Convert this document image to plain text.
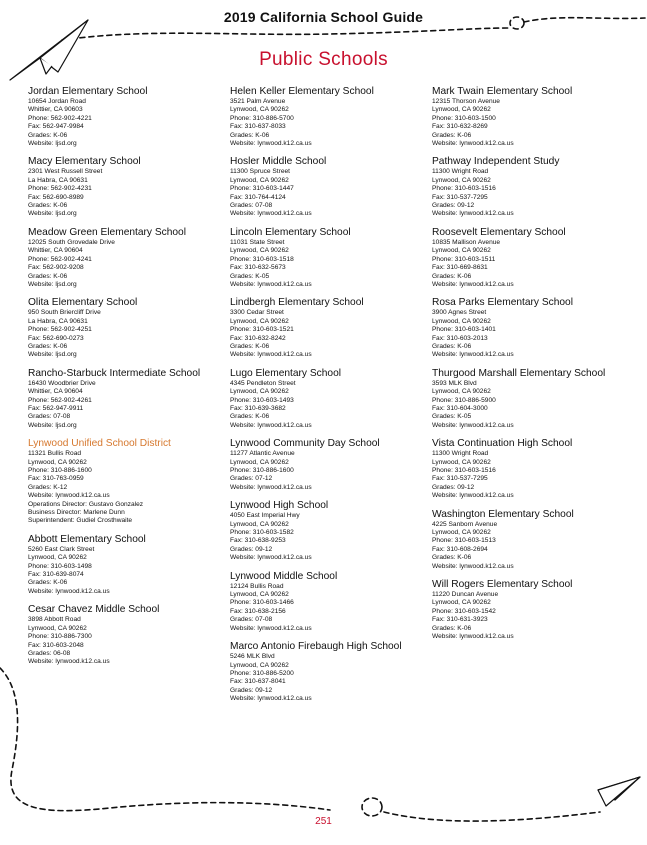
2019 California School Guide
Public Schools
Jordan Elementary School
10654 Jordan Road
Whittier, CA 90603
Phone: 562-902-4221
Fax: 562-947-9984
Grades: K-06
Website: ljsd.org
Macy Elementary School
2301 West Russell Street
La Habra, CA 90631
Phone: 562-902-4231
Fax: 562-690-8989
Grades: K-06
Website: ljsd.org
Meadow Green Elementary School
12025 South Grovedale Drive
Whittier, CA 90604
Phone: 562-902-4241
Fax: 562-902-9208
Grades: K-06
Website: ljsd.org
Olita Elementary School
950 South Briercliff Drive
La Habra, CA 90631
Phone: 562-902-4251
Fax: 562-690-0273
Grades: K-06
Website: ljsd.org
Rancho-Starbuck Intermediate School
16430 Woodbrier Drive
Whittier, CA 90604
Phone: 562-902-4261
Fax: 562-947-9911
Grades: 07-08
Website: ljsd.org
Lynwood Unified School District
11321 Bullis Road
Lynwood, CA 90262
Phone: 310-886-1600
Fax: 310-763-0959
Grades: K-12
Website: lynwood.k12.ca.us
Operations Director: Gustavo Gonzalez
Business Director: Marlene Dunn
Superintendent: Gudiel Crosthwaite
Abbott Elementary School
5260 East Clark Street
Lynwood, CA 90262
Phone: 310-603-1498
Fax: 310-639-8074
Grades: K-06
Website: lynwood.k12.ca.us
Cesar Chavez Middle School
3898 Abbott Road
Lynwood, CA 90262
Phone: 310-886-7300
Fax: 310-603-2048
Grades: 06-08
Website: lynwood.k12.ca.us
Helen Keller Elementary School
3521 Palm Avenue
Lynwood, CA 90262
Phone: 310-886-5700
Fax: 310-637-8033
Grades: K-06
Website: lynwood.k12.ca.us
Hosler Middle School
11300 Spruce Street
Lynwood, CA 90262
Phone: 310-603-1447
Fax: 310-764-4124
Grades: 07-08
Website: lynwood.k12.ca.us
Lincoln Elementary School
11031 State Street
Lynwood, CA 90262
Phone: 310-603-1518
Fax: 310-632-5673
Grades: K-05
Website: lynwood.k12.ca.us
Lindbergh Elementary School
3300 Cedar Street
Lynwood, CA 90262
Phone: 310-603-1521
Fax: 310-632-8242
Grades: K-06
Website: lynwood.k12.ca.us
Lugo Elementary School
4345 Pendleton Street
Lynwood, CA 90262
Phone: 310-603-1493
Fax: 310-639-3682
Grades: K-06
Website: lynwood.k12.ca.us
Lynwood Community Day School
11277 Atlantic Avenue
Lynwood, CA 90262
Phone: 310-886-1600
Grades: 07-12
Website: lynwood.k12.ca.us
Lynwood High School
4050 East Imperial Hwy
Lynwood, CA 90262
Phone: 310-603-1582
Fax: 310-638-9253
Grades: 09-12
Website: lynwood.k12.ca.us
Lynwood Middle School
12124 Bullis Road
Lynwood, CA 90262
Phone: 310-603-1466
Fax: 310-638-2156
Grades: 07-08
Website: lynwood.k12.ca.us
Marco Antonio Firebaugh High School
5246 MLK Blvd
Lynwood, CA 90262
Phone: 310-886-5200
Fax: 310-637-8041
Grades: 09-12
Website: lynwood.k12.ca.us
Mark Twain Elementary School
12315 Thorson Avenue
Lynwood, CA 90262
Phone: 310-603-1500
Fax: 310-632-8269
Grades: K-06
Website: lynwood.k12.ca.us
Pathway Independent Study
11300 Wright Road
Lynwood, CA 90262
Phone: 310-603-1516
Fax: 310-537-7295
Grades: 09-12
Website: lynwood.k12.ca.us
Roosevelt Elementary School
10835 Mallison Avenue
Lynwood, CA 90262
Phone: 310-603-1511
Fax: 310-669-8631
Grades: K-06
Website: lynwood.k12.ca.us
Rosa Parks Elementary School
3900 Agnes Street
Lynwood, CA 90262
Phone: 310-603-1401
Fax: 310-603-2013
Grades: K-06
Website: lynwood.k12.ca.us
Thurgood Marshall Elementary School
3593 MLK Blvd
Lynwood, CA 90262
Phone: 310-886-5900
Fax: 310-604-3000
Grades: K-05
Website: lynwood.k12.ca.us
Vista Continuation High School
11300 Wright Road
Lynwood, CA 90262
Phone: 310-603-1516
Fax: 310-537-7295
Grades: 09-12
Website: lynwood.k12.ca.us
Washington Elementary School
4225 Sanborn Avenue
Lynwood, CA 90262
Phone: 310-603-1513
Fax: 310-608-2694
Grades: K-06
Website: lynwood.k12.ca.us
Will Rogers Elementary School
11220 Duncan Avenue
Lynwood, CA 90262
Phone: 310-603-1542
Fax: 310-631-3923
Grades: K-06
Website: lynwood.k12.ca.us
251
